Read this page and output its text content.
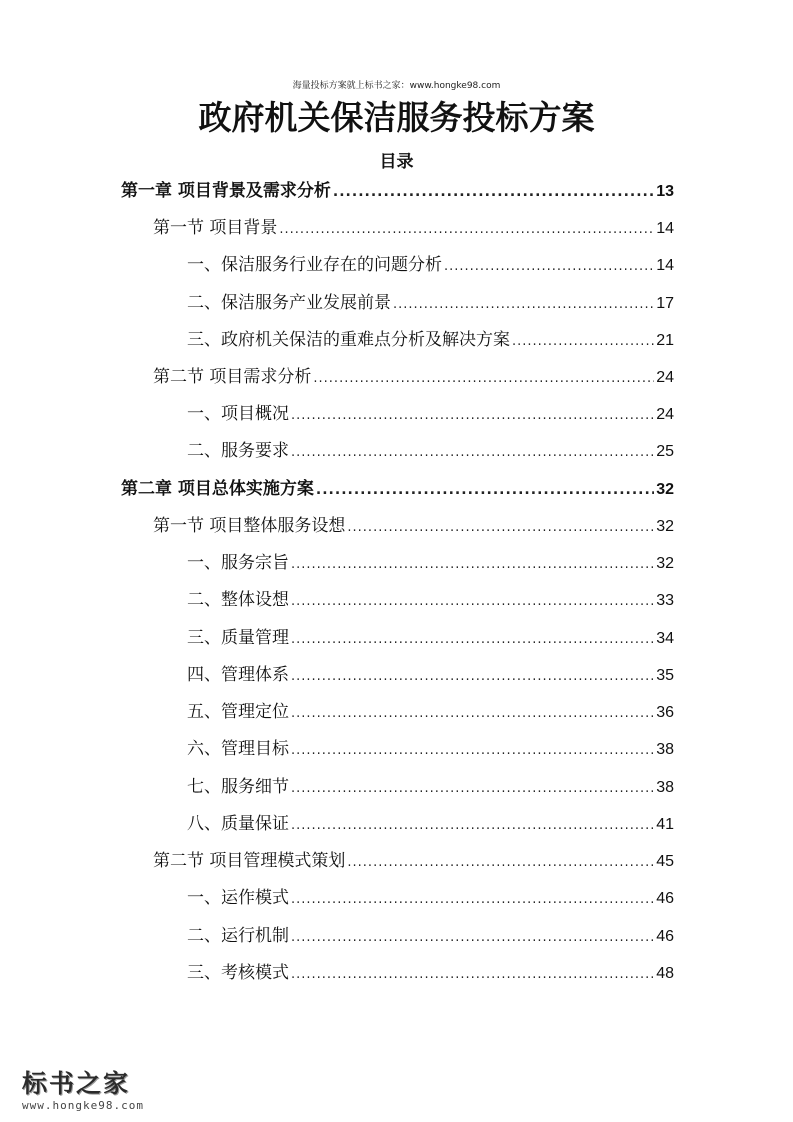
海量投标方案就上标书之家：www.hongke98.com
政府机关保洁服务投标方案
目录
第一章 项目背景及需求分析 .....	13
第一节 项目背景 .....	14
一、保洁服务行业存在的问题分析 .....	14
二、保洁服务产业发展前景 .....	17
三、政府机关保洁的重难点分析及解决方案 .....	21
第二节 项目需求分析 .....	24
一、项目概况 .....	24
二、服务要求 .....	25
第二章 项目总体实施方案 .....	32
第一节 项目整体服务设想 .....	32
一、服务宗旨 .....	32
二、整体设想 .....	33
三、质量管理 .....	34
四、管理体系 .....	35
五、管理定位 .....	36
六、管理目标 .....	38
七、服务细节 .....	38
八、质量保证 .....	41
第二节 项目管理模式策划 .....	45
一、运作模式 .....	46
二、运行机制 .....	46
三、考核模式 .....	48
标书之家
www.hongke98.com
